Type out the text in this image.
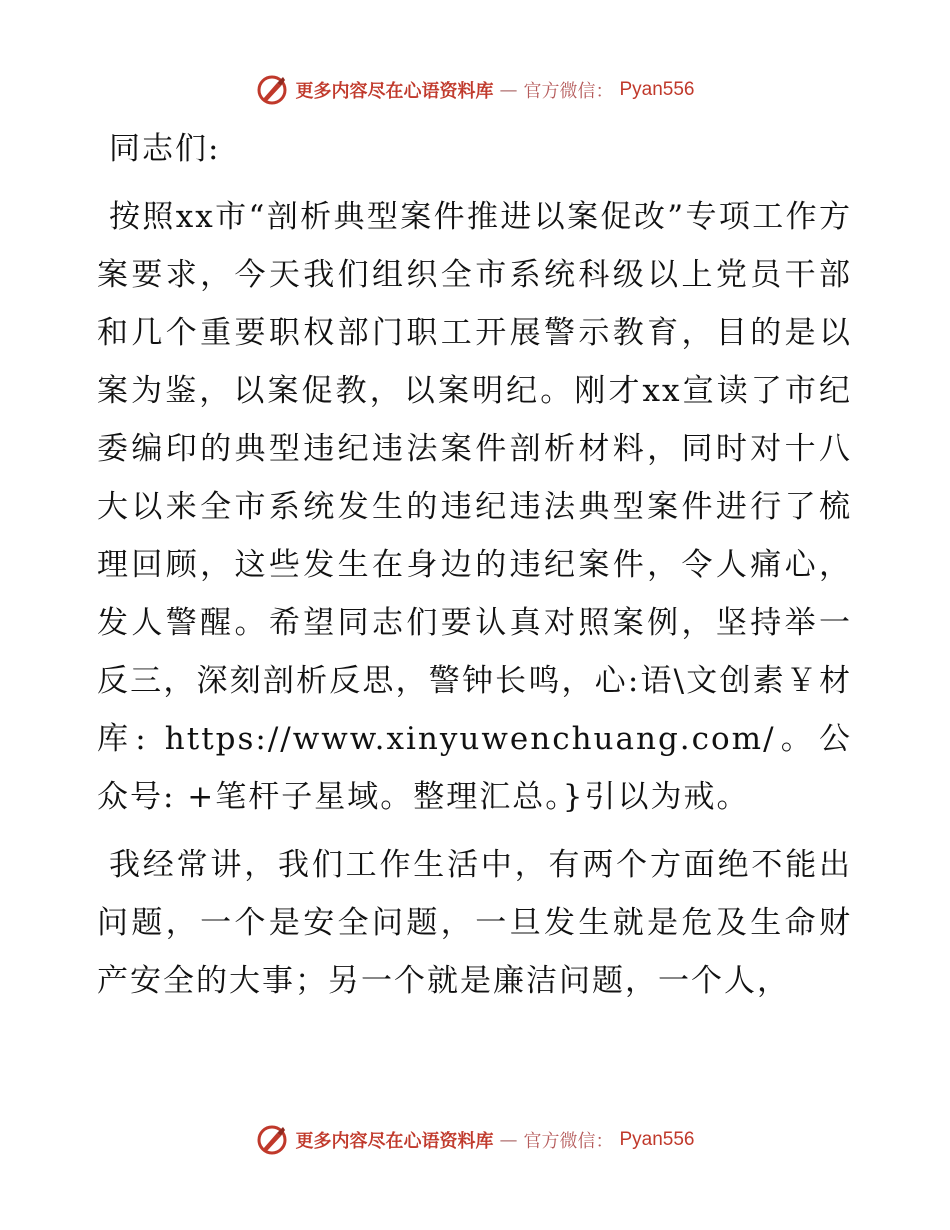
更多内容尽在心语资料库 — 官方微信： Pyan556

同志们:

按照xx市“剖析典型案件推进以案促改”专项工作方案要求，今天我们组织全市系统科级以上党员干部和几个重要职权部门职工开展警示教育，目的是以案为鉴，以案促教，以案明纪。刚才xx宣读了市纪委编印的典型违纪违法案件剖析材料，同时对十八大以来全市系统发生的违纪违法典型案件进行了梳理回顾，这些发生在身边的违纪案件，令人痛心，发人警醒。希望同志们要认真对照案例，坚持举一反三，深刻剖析反思，警钟长鸣，心:语\文创素￥材库: https://www.xinyuwenchuang.com/。公众号: +笔杆子星域。整理汇总。}引以为戒。

我经常讲，我们工作生活中，有两个方面绝不能出问题，一个是安全问题，一旦发生就是危及生命财产安全的大事；另一个就是廉洁问题，一个人，

更多内容尽在心语资料库 — 官方微信： Pyan556
